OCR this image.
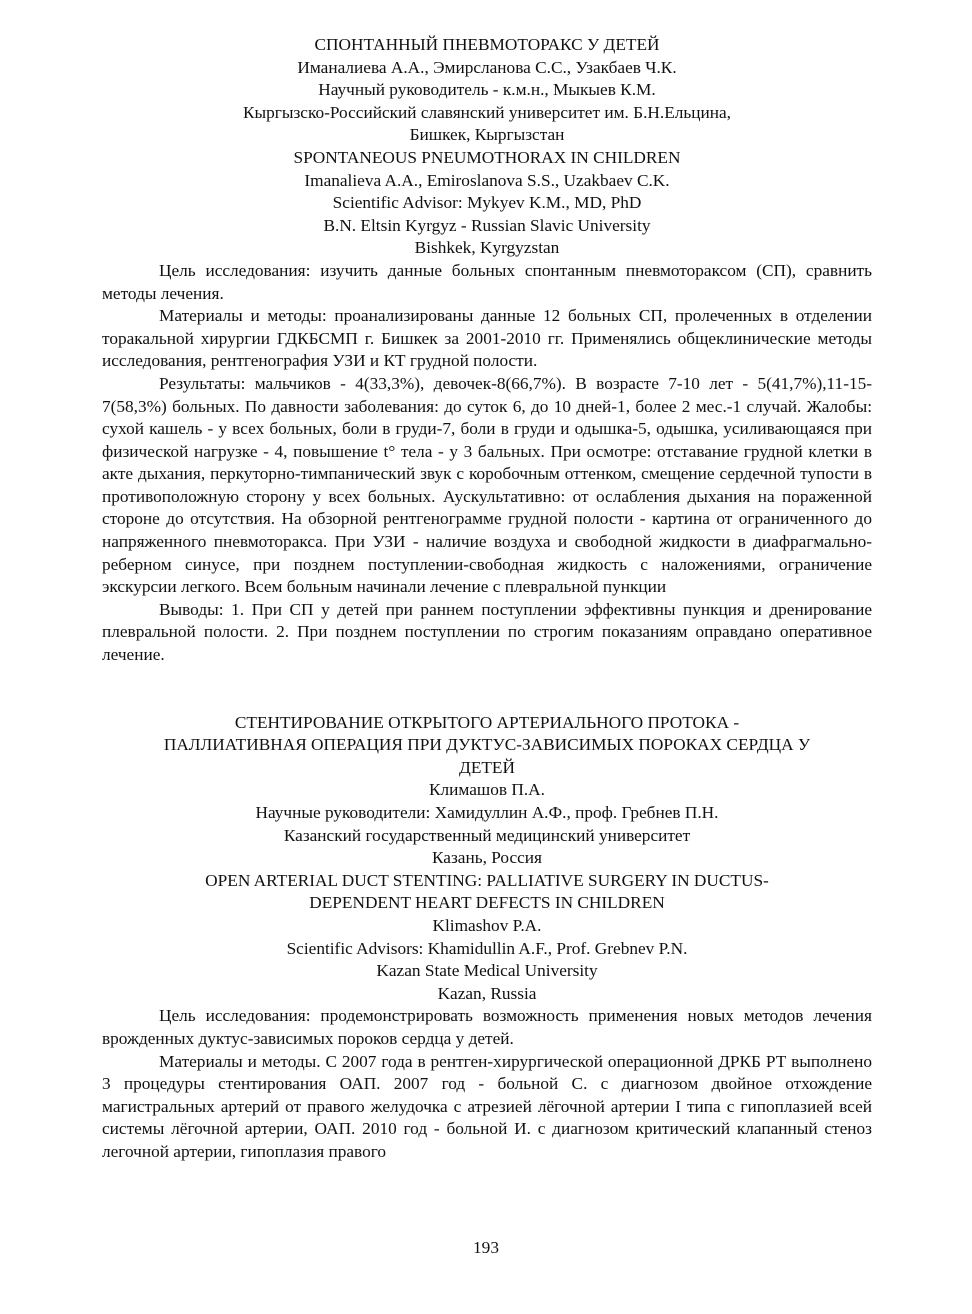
СПОНТАННЫЙ ПНЕВМОТОРАКС У ДЕТЕЙ

Иманалиева А.А., Эмирсланова С.С., Узакбаев Ч.К.

Научный руководитель - к.м.н., Мыкыев К.М.

Кыргызско-Российский славянский университет им. Б.Н.Ельцина,

Бишкек, Кыргызстан

SPONTANEOUS PNEUMOTHORAX IN CHILDREN

Imanalieva A.A., Emiroslanova S.S., Uzakbaev C.K.

Scientific Advisor: Mykyev K.M., MD, PhD

B.N. Eltsin Kyrgyz - Russian Slavic University

Bishkek, Kyrgyzstan

Цель исследования: изучить данные больных спонтанным пневмотораксом (СП), сравнить методы лечения.

Материалы и методы: проанализированы данные 12 больных СП, пролеченных в отделении торакальной хирургии ГДКБСМП г. Бишкек за 2001-2010 гг. Применялись общеклинические методы исследования, рентгенография УЗИ и КТ грудной полости.

Результаты: мальчиков - 4(33,3%), девочек-8(66,7%). В возрасте 7-10 лет - 5(41,7%),11-15-7(58,3%) больных. По давности заболевания: до суток 6, до 10 дней-1, более 2 мес.-1 случай. Жалобы: сухой кашель - у всех больных, боли в груди-7, боли в груди и одышка-5, одышка, усиливающаяся при физической нагрузке - 4, повышение t° тела - у 3 бальных. При осмотре: отставание грудной клетки в акте дыхания, перкуторно-тимпанический звук с коробочным оттенком, смещение сердечной тупости в противоположную сторону у всех больных. Аускультативно: от ослабления дыхания на пораженной стороне до отсутствия. На обзорной рентгенограмме грудной полости - картина от ограниченного до напряженного пневмоторакса. При УЗИ - наличие воздуха и свободной жидкости в диафрагмально-реберном синусе, при позднем поступлении-свободная жидкость с наложениями, ограничение экскурсии легкого. Всем больным начинали лечение с плевральной пункции

Выводы: 1. При СП у детей при раннем поступлении эффективны пункция и дренирование плевральной полости. 2. При позднем поступлении по строгим показаниям оправдано оперативное лечение.

СТЕНТИРОВАНИЕ ОТКРЫТОГО АРТЕРИАЛЬНОГО ПРОТОКА -

ПАЛЛИАТИВНАЯ ОПЕРАЦИЯ ПРИ ДУКТУС-ЗАВИСИМЫХ ПОРОКАХ СЕРДЦА У

ДЕТЕЙ

Климашов П.А.

Научные руководители: Хамидуллин А.Ф., проф. Гребнев П.Н.

Казанский государственный медицинский университет

Казань, Россия

OPEN ARTERIAL DUCT STENTING: PALLIATIVE SURGERY IN DUCTUS-

DEPENDENT HEART DEFECTS IN CHILDREN

Klimashov P.A.

Scientific Advisors: Khamidullin A.F., Prof. Grebnev P.N.

Kazan State Medical University

Kazan, Russia

Цель исследования: продемонстрировать возможность применения новых методов лечения врожденных дуктус-зависимых пороков сердца у детей.

Материалы и методы. С 2007 года в рентген-хирургической операционной ДРКБ РТ выполнено 3 процедуры стентирования ОАП. 2007 год - больной С. с диагнозом двойное отхождение магистральных артерий от правого желудочка с атрезией лёгочной артерии I типа с гипоплазией всей системы лёгочной артерии, ОАП. 2010 год - больной И. с диагнозом критический клапанный стеноз легочной артерии, гипоплазия правого

193
